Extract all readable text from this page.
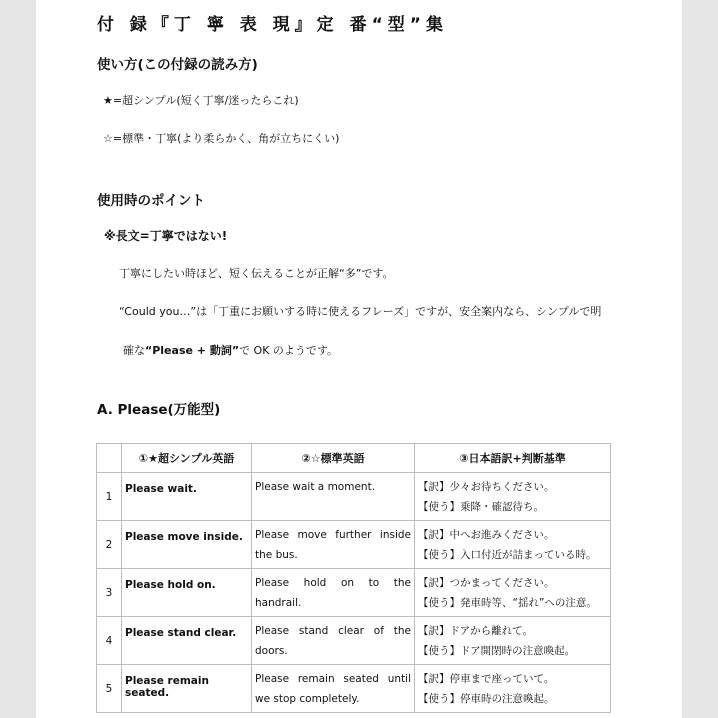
付 録『丁 寧 表 現』定 番“型”集
使い方(この付録の読み方)
★=超シンプル(短く丁寧/迷ったらこれ)
☆=標準・丁寧(より柔らかく、角が立ちにくい)
使用時のポイント
※長文=丁寧ではない!
丁寧にしたい時ほど、短く伝えることが正解“多”です。
“Could you…”は「丁重にお願いする時に使えるフレーズ」ですが、安全案内なら、シンプルで明
確な“Please + 動詞”で OK のようです。
A. Please(万能型)
	①★超シンプル英語	②☆標準英語	③日本語訳+判断基準
1	Please wait.	Please wait a moment.	【訳】少々お待ちください。
【使う】乗降・確認待ち。

2	Please move inside.	Please move further inside the bus.	【訳】中へお進みください。
【使う】入口付近が詰まっている時。

3	Please hold on.	Please hold on to the handrail.	【訳】つかまってください。
【使う】発車時等、“揺れ”への注意。

4	Please stand clear.	Please stand clear of the doors.	【訳】ドアから離れて。
【使う】ドア開閉時の注意喚起。

5	Please remain seated.	Please remain seated until we stop completely.	【訳】停車まで座っていて。
【使う】停車時の注意喚起。
